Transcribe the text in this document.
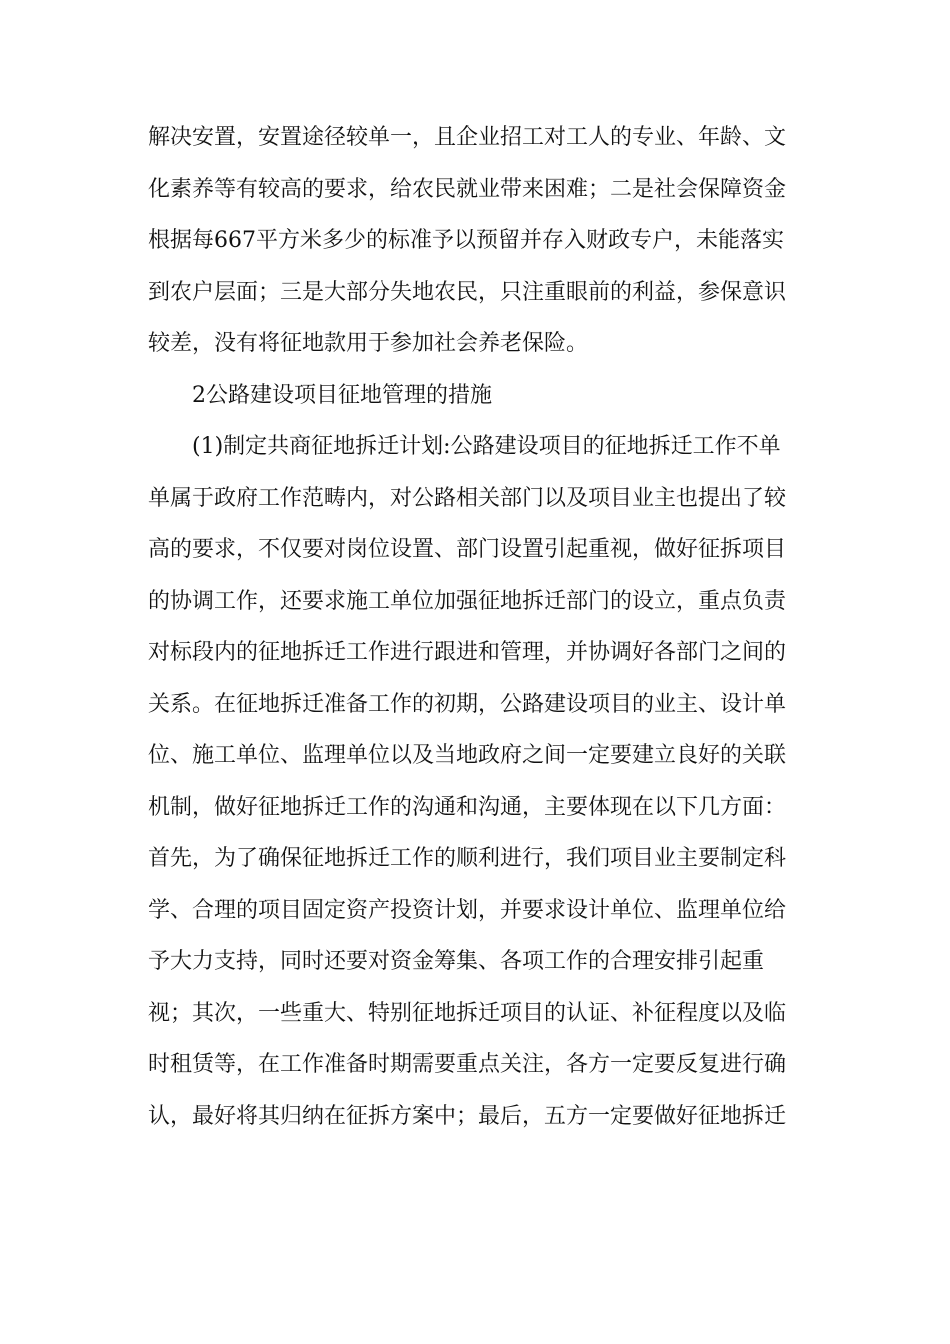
解决安置，安置途径较单一，且企业招工对工人的专业、年龄、文
化素养等有较高的要求，给农民就业带来困难；二是社会保障资金
根据每667平方米多少的标准予以预留并存入财政专户，未能落实
到农户层面；三是大部分失地农民，只注重眼前的利益，参保意识
较差，没有将征地款用于参加社会养老保险。
2公路建设项目征地管理的措施
(1)制定共商征地拆迁计划:公路建设项目的征地拆迁工作不单
单属于政府工作范畴内，对公路相关部门以及项目业主也提出了较
高的要求，不仅要对岗位设置、部门设置引起重视，做好征拆项目
的协调工作，还要求施工单位加强征地拆迁部门的设立，重点负责
对标段内的征地拆迁工作进行跟进和管理，并协调好各部门之间的
关系。在征地拆迁准备工作的初期，公路建设项目的业主、设计单
位、施工单位、监理单位以及当地政府之间一定要建立良好的关联
机制，做好征地拆迁工作的沟通和沟通，主要体现在以下几方面：
首先，为了确保征地拆迁工作的顺利进行，我们项目业主要制定科
学、合理的项目固定资产投资计划，并要求设计单位、监理单位给
予大力支持，同时还要对资金筹集、各项工作的合理安排引起重
视；其次，一些重大、特别征地拆迁项目的认证、补征程度以及临
时租赁等，在工作准备时期需要重点关注，各方一定要反复进行确
认，最好将其归纳在征拆方案中；最后，五方一定要做好征地拆迁
